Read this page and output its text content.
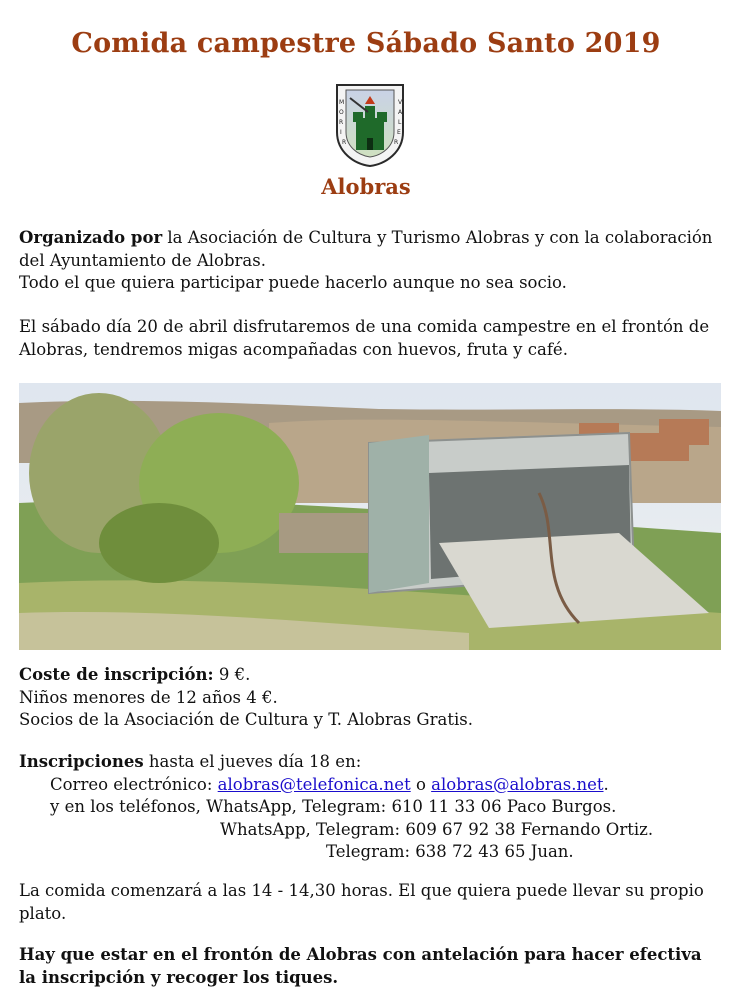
Comida campestre Sábado Santo 2019
V
A
L
E
R
M
O
R
I
R
Alobras

Organizado por la Asociación de Cultura y Turismo Alobras y con la colaboración del Ayuntamiento de Alobras.

Todo el que quiera participar puede hacerlo aunque no sea socio.

El sábado día 20 de abril disfrutaremos de una comida campestre en el frontón de Alobras, tendremos migas acompañadas con huevos, fruta y café.

Coste de inscripción: 9 €.

Niños menores de 12 años 4 €.

Socios de la Asociación de Cultura y T. Alobras Gratis.

Inscripciones hasta el jueves día 18 en:

Correo electrónico: alobras@telefonica.net o alobras@alobras.net.

y en los teléfonos, WhatsApp, Telegram: 610 11 33 06 Paco Burgos.

WhatsApp, Telegram: 609 67 92 38 Fernando Ortiz.

Telegram: 638 72 43 65 Juan.

La comida comenzará a las 14 - 14,30 horas. El que quiera puede llevar su propio plato.

Hay que estar en el frontón de Alobras con antelación para hacer efectiva la inscripción y recoger los tiques.
